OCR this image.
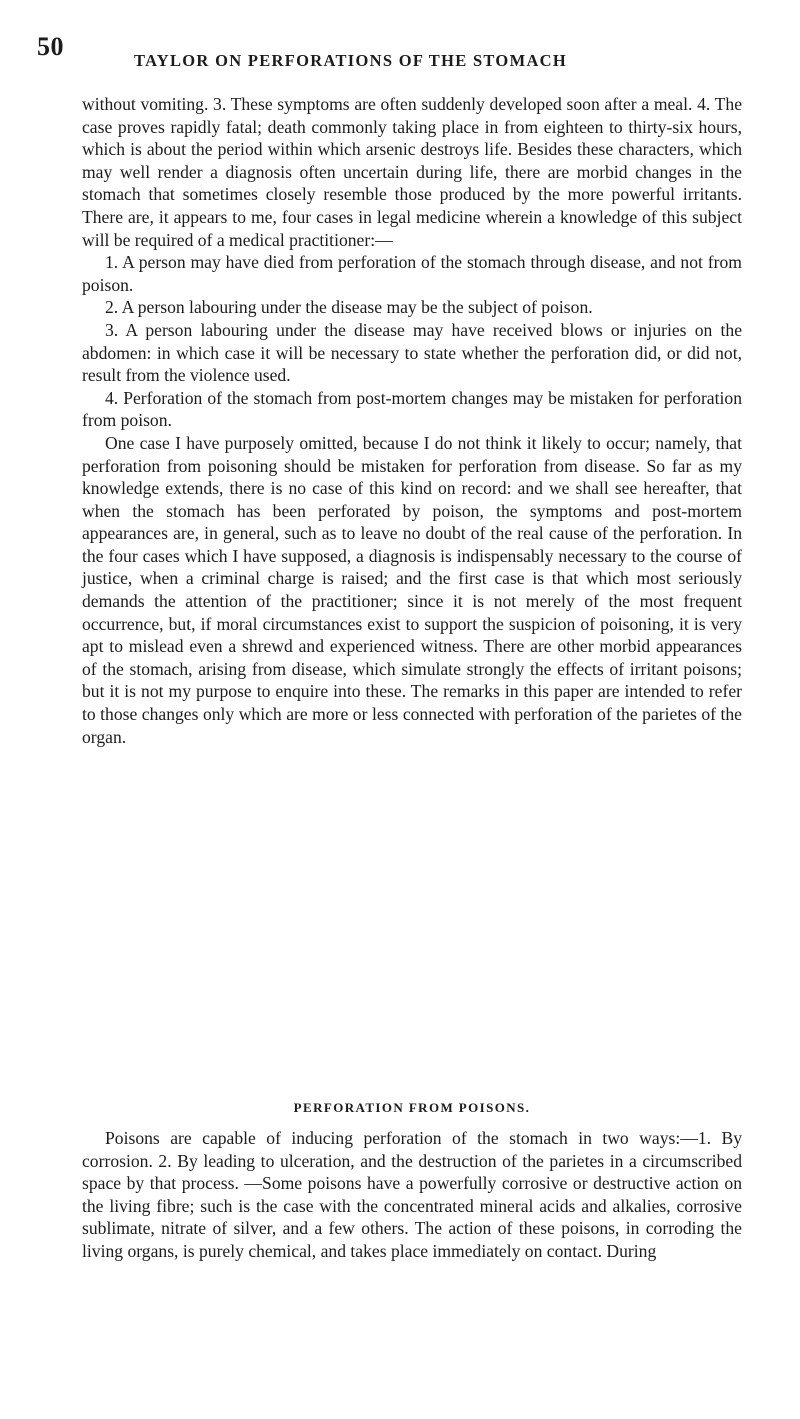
50	TAYLOR ON PERFORATIONS OF THE STOMACH

without vomiting. 3. These symptoms are often suddenly developed soon after a meal. 4. The case proves rapidly fatal; death commonly taking place in from eighteen to thirty-six hours, which is about the period within which arsenic destroys life. Besides these characters, which may well render a diagnosis often uncertain during life, there are morbid changes in the stomach that sometimes closely resemble those produced by the more powerful irritants. There are, it appears to me, four cases in legal medicine wherein a knowledge of this subject will be required of a medical practitioner:—

1. A person may have died from perforation of the stomach through disease, and not from poison.

2. A person labouring under the disease may be the subject of poison.

3. A person labouring under the disease may have received blows or injuries on the abdomen: in which case it will be necessary to state whether the perforation did, or did not, result from the violence used.

4. Perforation of the stomach from post-mortem changes may be mistaken for perforation from poison.

One case I have purposely omitted, because I do not think it likely to occur; namely, that perforation from poisoning should be mistaken for perforation from disease. So far as my knowledge extends, there is no case of this kind on record: and we shall see hereafter, that when the stomach has been perforated by poison, the symptoms and post-mortem appearances are, in general, such as to leave no doubt of the real cause of the perforation. In the four cases which I have supposed, a diagnosis is indispensably necessary to the course of justice, when a criminal charge is raised; and the first case is that which most seriously demands the attention of the practitioner; since it is not merely of the most frequent occurrence, but, if moral circumstances exist to support the suspicion of poisoning, it is very apt to mislead even a shrewd and experienced witness. There are other morbid appearances of the stomach, arising from disease, which simulate strongly the effects of irritant poisons; but it is not my purpose to enquire into these. The remarks in this paper are intended to refer to those changes only which are more or less connected with perforation of the parietes of the organ.

PERFORATION FROM POISONS.

Poisons are capable of inducing perforation of the stomach in two ways:—1. By corrosion. 2. By leading to ulceration, and the destruction of the parietes in a circumscribed space by that process. —Some poisons have a powerfully corrosive or destructive action on the living fibre; such is the case with the concentrated mineral acids and alkalies, corrosive sublimate, nitrate of silver, and a few others. The action of these poisons, in corroding the living organs, is purely chemical, and takes place immediately on contact. During
